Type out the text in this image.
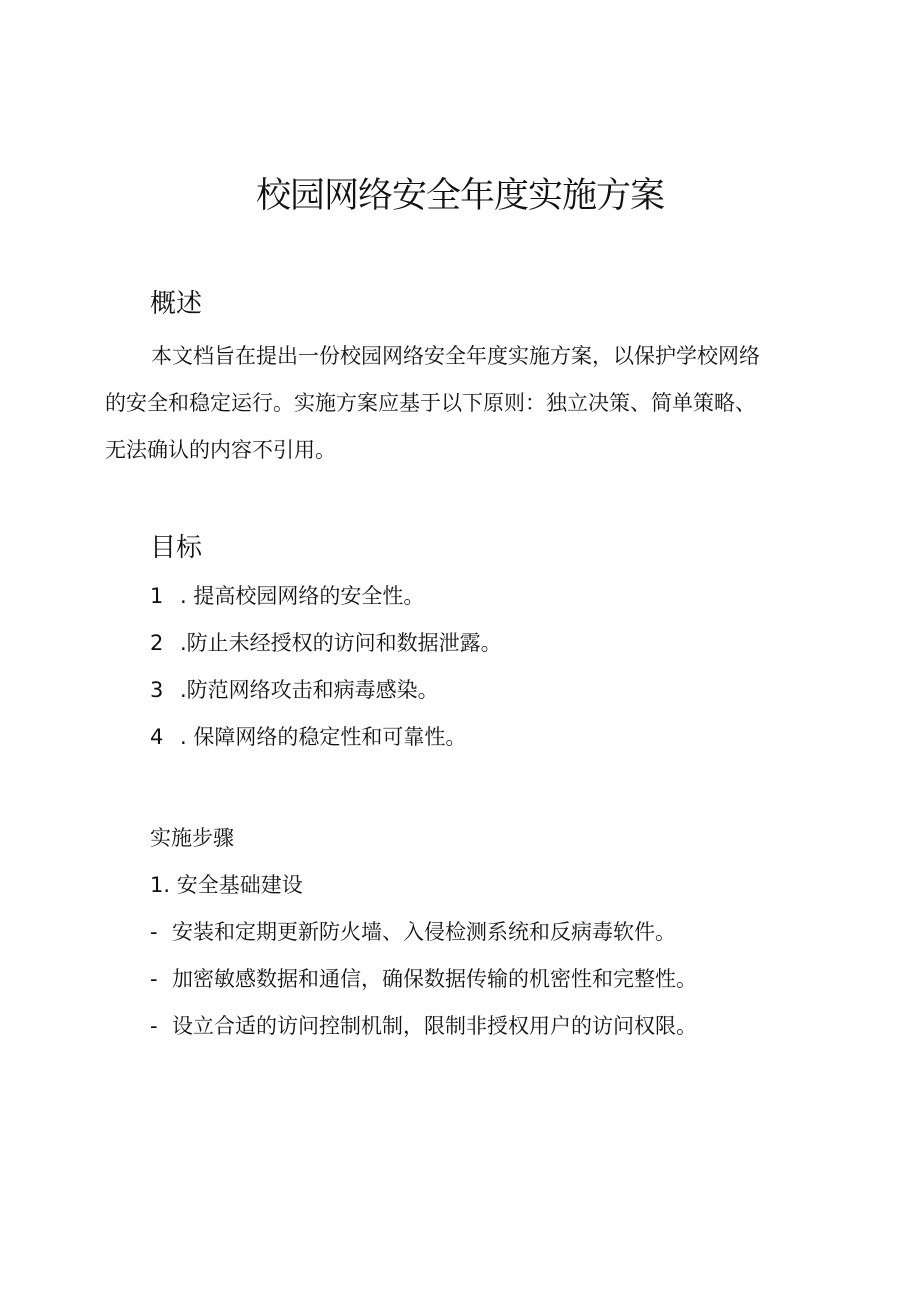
校园网络安全年度实施方案
概述
本文档旨在提出一份校园网络安全年度实施方案，以保护学校网络
的安全和稳定运行。实施方案应基于以下原则：独立决策、简单策略、
无法确认的内容不引用。
目标
1 . 提高校园网络的安全性。
2 .防止未经授权的访问和数据泄露。
3 .防范网络攻击和病毒感染。
4 . 保障网络的稳定性和可靠性。
实施步骤
1. 安全基础建设
- 安装和定期更新防火墙、入侵检测系统和反病毒软件。
- 加密敏感数据和通信，确保数据传输的机密性和完整性。
- 设立合适的访问控制机制，限制非授权用户的访问权限。
